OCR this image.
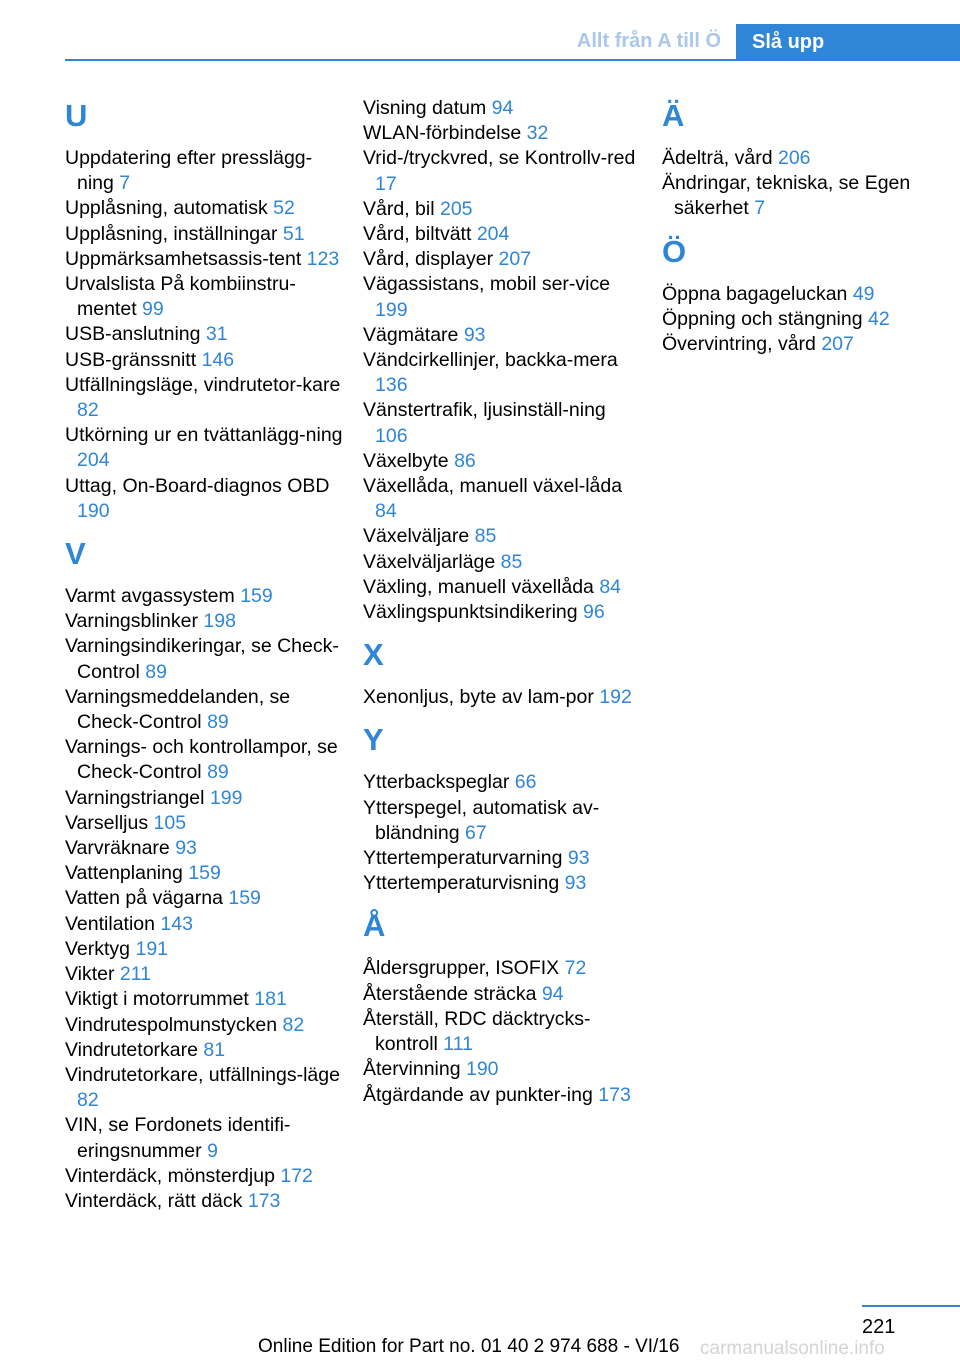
Allt från A till Ö	Slå upp
U
Uppdatering efter presslägg-ning 7
Upplåsning, automatisk 52
Upplåsning, inställningar 51
Uppmärksamhetsassis-tent 123
Urvalslista På kombiinstru-mentet 99
USB-anslutning 31
USB-gränssnitt 146
Utfällningsläge, vindrutetor-kare 82
Utkörning ur en tvättanlägg-ning 204
Uttag, On-Board-diagnos OBD 190
V
Varmt avgassystem 159
Varningsblinker 198
Varningsindikeringar, se Check-Control 89
Varningsmeddelanden, se Check-Control 89
Varnings- och kontrollampor, se Check-Control 89
Varningstriangel 199
Varselljus 105
Varvräknare 93
Vattenplaning 159
Vatten på vägarna 159
Ventilation 143
Verktyg 191
Vikter 211
Viktigt i motorrummet 181
Vindrutespolmunstycken 82
Vindrutetorkare 81
Vindrutetorkare, utfällnings-läge 82
VIN, se Fordonets identifi-eringsnummer 9
Vinterdäck, mönsterdjup 172
Vinterdäck, rätt däck 173
Visning datum 94
WLAN-förbindelse 32
Vrid-/tryckvred, se Kontrollv-red 17
Vård, bil 205
Vård, biltvätt 204
Vård, displayer 207
Vägassistans, mobil ser-vice 199
Vägmätare 93
Vändcirkellinjer, backka-mera 136
Vänstertrafik, ljusinställ-ning 106
Växelbyte 86
Växellåda, manuell växel-låda 84
Växelväljare 85
Växelväljarläge 85
Växling, manuell växellåda 84
Växlingspunktsindikering 96
X
Xenonljus, byte av lam-por 192
Y
Ytterbackspeglar 66
Ytterspegel, automatisk av-bländning 67
Yttertemperaturvarning 93
Yttertemperaturvisning 93
Å
Åldersgrupper, ISOFIX 72
Återstående sträcka 94
Återställ, RDC däcktrycks-kontroll 111
Återvinning 190
Åtgärdande av punkter-ing 173
Ä
Ädelträ, vård 206
Ändringar, tekniska, se Egen säkerhet 7
Ö
Öppna bagageluckan 49
Öppning och stängning 42
Övervintring, vård 207
221
Online Edition for Part no. 01 40 2 974 688 - VI/16 carmanualsonline.info
